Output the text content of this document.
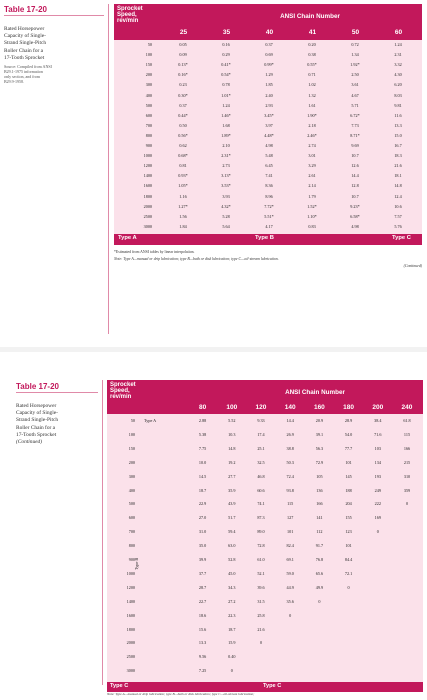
Table 17-20
Rated Horsepower
Capacity of Single-
Strand Single-Pitch
Roller Chain for a
17-Tooth Sprocket
Source: Compiled from ANSI
B29.1-1975 information
only section, and from
B29.9-1958.
Sprocket
Speed,
rev/min
ANSI Chain Number
25	35	40	41	50	60
50	0.05	0.16	0.37	0.20	0.72	1.24
100	0.09	0.29	0.69	0.38	1.34	2.31
150	0.13*	0.41*	0.99*	0.55*	1.92*	3.32
200	0.16*	0.54*	1.29	0.71	2.50	4.30
300	0.23	0.78	1.85	1.02	3.61	6.20
400	0.30*	1.01*	2.40	1.32	4.67	8.03
500	0.37	1.24	2.93	1.61	5.71	9.81
600	0.44*	1.46*	3.45*	1.90*	6.72*	11.6
700	0.50	1.68	3.97	2.18	7.73	13.3
800	0.56*	1.89*	4.48*	2.46*	8.71*	15.0
900	0.62	2.10	4.98	2.74	9.69	16.7
1000	0.68*	2.31*	5.48	3.01	10.7	18.3
1200	0.81	2.73	6.45	3.29	12.6	21.6
1400	0.93*	3.13*	7.41	2.61	14.4	18.1
1600	1.05*	3.53*	8.36	2.14	12.8	14.8
1800	1.16	3.93	8.96	1.79	10.7	12.4
2000	1.27*	4.32*	7.72*	1.52*	9.23*	10.6
2500	1.56	5.28	5.51*	1.10*	6.58*	7.57
3000	1.84	5.64	4.17	0.83	4.98	5.76
Type A	Type B	Type C
*Estimated from ANSI tables by linear interpolation.
Note: Type A—manual or drip lubrication; type B—bath or disk lubrication; type C—oil-stream lubrication.
(Continued)
Table 17-20
Rated Horsepower
Capacity of Single-
Strand Single-Pitch
Roller Chain for a
17-Tooth Sprocket
(Continued)
Sprocket
Speed,
rev/min
ANSI Chain Number
80	100	120	140	160	180	200	240
Type B
Type A
50	2.88	5.52	9.33	14.4	20.9	28.9	38.4	61.8
100	5.38	10.3	17.4	26.9	39.1	54.0	71.6	115
150	7.75	14.8	25.1	38.8	56.3	77.7	103	166
200	10.0	19.2	32.5	50.3	72.9	101	134	215
300	14.5	27.7	46.8	72.4	105	145	193	310
400	18.7	35.9	60.6	93.8	136	188	249	359
500	22.9	43.9	74.1	115	166	204	222	0
600	27.0	51.7	87.3	127	141	155	169
700	31.0	59.4	89.0	101	112	123	0
800	35.0	63.0	72.8	82.4	91.7	101
900	39.9	52.8	61.0	69.1	76.8	84.4
1000	37.7	45.0	52.1	59.0	65.6	72.1
1200	28.7	34.3	39.6	44.9	49.9	0
1400	22.7	27.2	31.5	35.6	0
1600	18.6	22.3	25.8	0
1800	15.6	18.7	21.6
2000	13.3	15.9	0
2500	9.56	0.40
3000	7.25	0
Type C	Type C
Note: Type A—manual or drip lubrication; type B—bath or disk lubrication; type C—oil-stream lubrication;
